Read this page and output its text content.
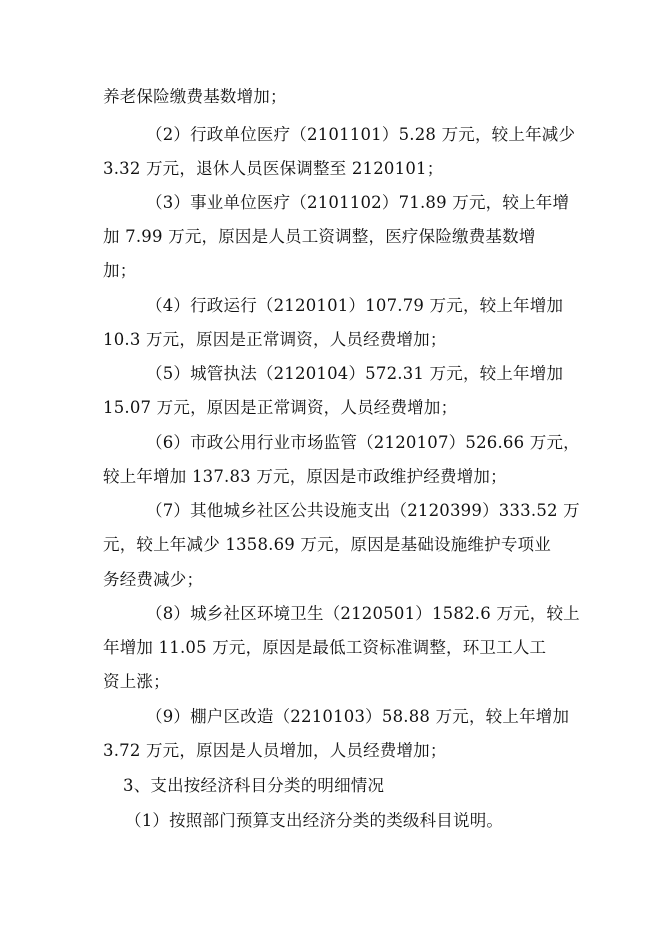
养老保险缴费基数增加；
（2）行政单位医疗（2101101）5.28 万元，较上年减少
3.32 万元，退休人员医保调整至 2120101；
（3）事业单位医疗（2101102）71.89 万元，较上年增
加 7.99 万元，原因是人员工资调整，医疗保险缴费基数增
加；
（4）行政运行（2120101）107.79 万元，较上年增加
10.3 万元，原因是正常调资，人员经费增加；
（5）城管执法（2120104）572.31 万元，较上年增加
15.07 万元，原因是正常调资，人员经费增加；
（6）市政公用行业市场监管（2120107）526.66 万元，
较上年增加 137.83 万元，原因是市政维护经费增加；
（7）其他城乡社区公共设施支出（2120399）333.52 万
元，较上年减少 1358.69 万元，原因是基础设施维护专项业
务经费减少；
（8）城乡社区环境卫生（2120501）1582.6 万元，较上
年增加 11.05 万元，原因是最低工资标准调整，环卫工人工
资上涨；
（9）棚户区改造（2210103）58.88 万元，较上年增加
3.72 万元，原因是人员增加，人员经费增加；
3、支出按经济科目分类的明细情况
（1）按照部门预算支出经济分类的类级科目说明。
